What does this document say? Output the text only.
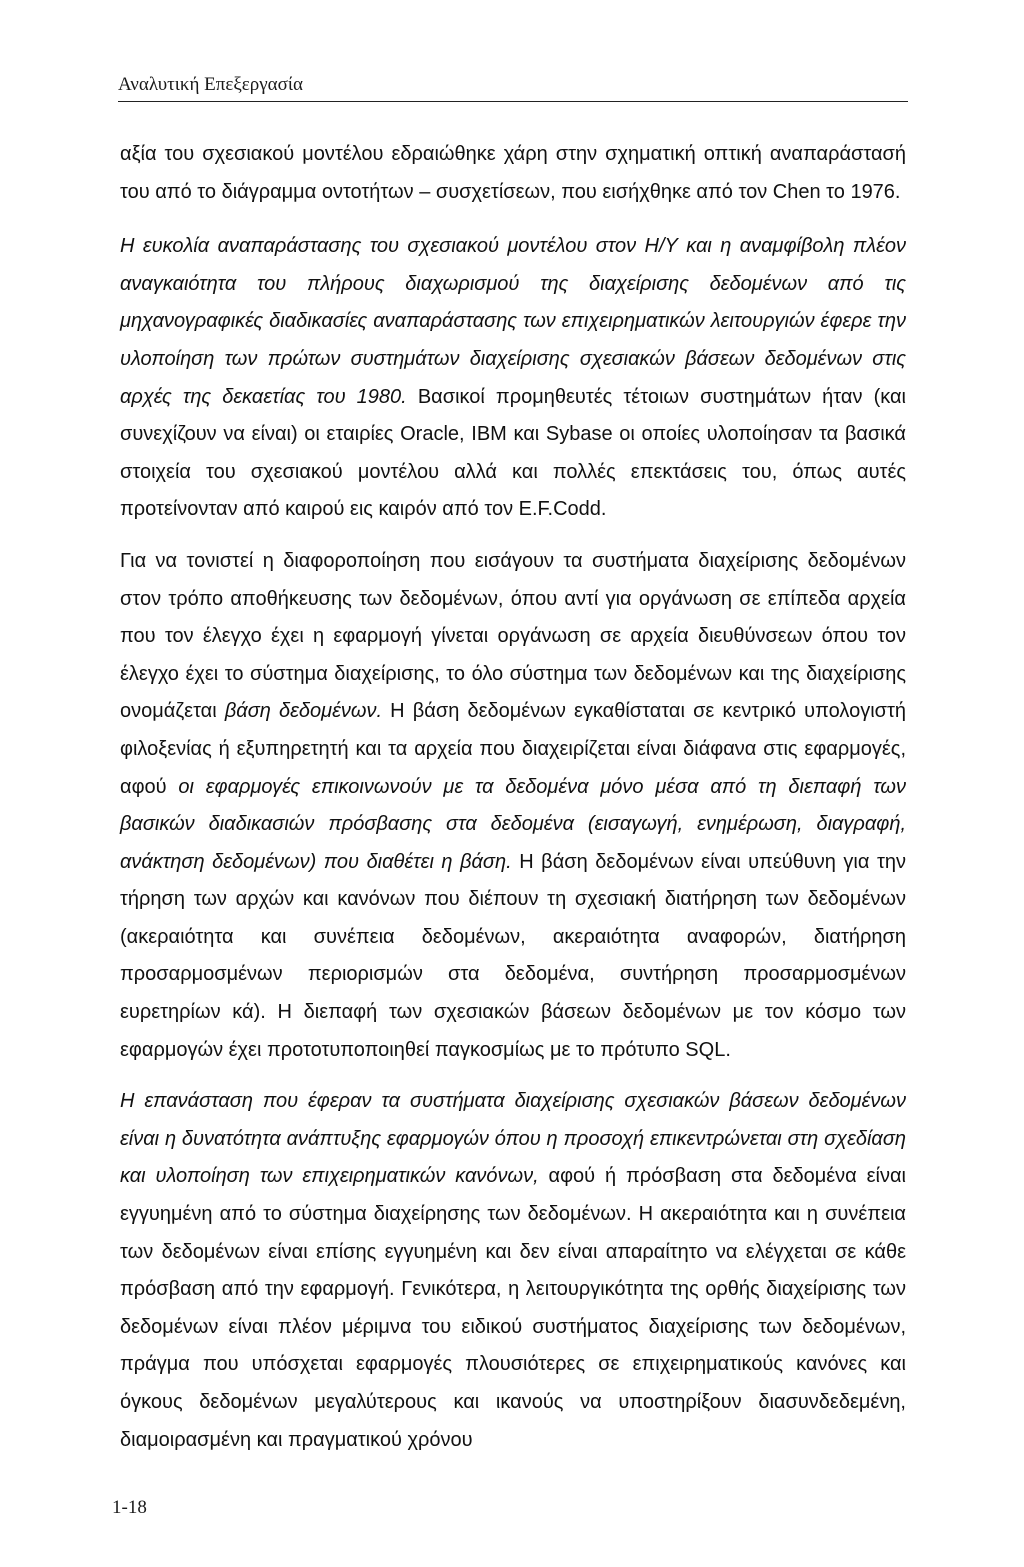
Αναλυτική Επεξεργασία

αξία του σχεσιακού μοντέλου εδραιώθηκε χάρη στην σχηματική οπτική αναπαράστασή του από το διάγραμμα οντοτήτων – συσχετίσεων, που εισήχθηκε από τον Chen το 1976.

Η ευκολία αναπαράστασης του σχεσιακού μοντέλου στον Η/Υ και η αναμφίβολη πλέον αναγκαιότητα του πλήρους διαχωρισμού της διαχείρισης δεδομένων από τις μηχανογραφικές διαδικασίες αναπαράστασης των επιχειρηματικών λειτουργιών έφερε την υλοποίηση των πρώτων συστημάτων διαχείρισης σχεσιακών βάσεων δεδομένων στις αρχές της δεκαετίας του 1980. Βασικοί προμηθευτές τέτοιων συστημάτων ήταν (και συνεχίζουν να είναι) οι εταιρίες Oracle, IBM και Sybase οι οποίες υλοποίησαν τα βασικά στοιχεία του σχεσιακού μοντέλου αλλά και πολλές επεκτάσεις του, όπως αυτές προτείνονταν από καιρού εις καιρόν από τον E.F.Codd.

Για να τονιστεί η διαφοροποίηση που εισάγουν τα συστήματα διαχείρισης δεδομένων στον τρόπο αποθήκευσης των δεδομένων, όπου αντί για οργάνωση σε επίπεδα αρχεία που τον έλεγχο έχει η εφαρμογή γίνεται οργάνωση σε αρχεία διευθύνσεων όπου τον έλεγχο έχει το σύστημα διαχείρισης, το όλο σύστημα των δεδομένων και της διαχείρισης ονομάζεται βάση δεδομένων. Η βάση δεδομένων εγκαθίσταται σε κεντρικό υπολογιστή φιλοξενίας ή εξυπηρετητή και τα αρχεία που διαχειρίζεται είναι διάφανα στις εφαρμογές, αφού οι εφαρμογές επικοινωνούν με τα δεδομένα μόνο μέσα από τη διεπαφή των βασικών διαδικασιών πρόσβασης στα δεδομένα (εισαγωγή, ενημέρωση, διαγραφή, ανάκτηση δεδομένων) που διαθέτει η βάση. Η βάση δεδομένων είναι υπεύθυνη για την τήρηση των αρχών και κανόνων που διέπουν τη σχεσιακή διατήρηση των δεδομένων (ακεραιότητα και συνέπεια δεδομένων, ακεραιότητα αναφορών, διατήρηση προσαρμοσμένων περιορισμών στα δεδομένα, συντήρηση προσαρμοσμένων ευρετηρίων κά). Η διεπαφή των σχεσιακών βάσεων δεδομένων με τον κόσμο των εφαρμογών έχει προτοτυποποιηθεί παγκοσμίως με το πρότυπο SQL.

Η επανάσταση που έφεραν τα συστήματα διαχείρισης σχεσιακών βάσεων δεδομένων είναι η δυνατότητα ανάπτυξης εφαρμογών όπου η προσοχή επικεντρώνεται στη σχεδίαση και υλοποίηση των επιχειρηματικών κανόνων, αφού ή πρόσβαση στα δεδομένα είναι εγγυημένη από το σύστημα διαχείρησης των δεδομένων. Η ακεραιότητα και η συνέπεια των δεδομένων είναι επίσης εγγυημένη και δεν είναι απαραίτητο να ελέγχεται σε κάθε πρόσβαση από την εφαρμογή. Γενικότερα, η λειτουργικότητα της ορθής διαχείρισης των δεδομένων είναι πλέον μέριμνα του ειδικού συστήματος διαχείρισης των δεδομένων, πράγμα που υπόσχεται εφαρμογές πλουσιότερες σε επιχειρηματικούς κανόνες και όγκους δεδομένων μεγαλύτερους και ικανούς να υποστηρίξουν διασυνδεδεμένη, διαμοιρασμένη και πραγματικού χρόνου

1-18
